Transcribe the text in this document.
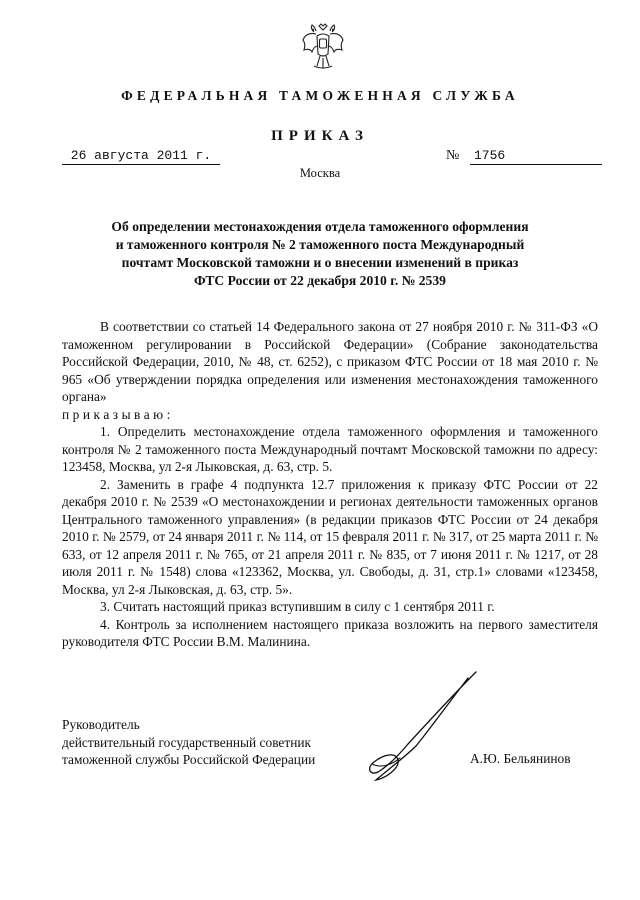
ФЕДЕРАЛЬНАЯ ТАМОЖЕННАЯ СЛУЖБА
ПРИКАЗ
26 августа 2011 г.	№	1756
Москва
Об определении местонахождения отдела таможенного оформления
и таможенного контроля № 2 таможенного поста Международный
почтамт Московской таможни и о внесении изменений в приказ
ФТС России от 22 декабря 2010 г. № 2539

В соответствии со статьей 14 Федерального закона от 27 ноября 2010 г. № 311-ФЗ «О таможенном регулировании в Российской Федерации» (Собрание законодательства Российской Федерации, 2010, № 48, ст. 6252), с приказом ФТС России от 18 мая 2010 г. № 965 «Об утверждении порядка определения или изменения местонахождения таможенного органа»

приказываю:

1. Определить местонахождение отдела таможенного оформления и таможенного контроля № 2 таможенного поста Международный почтамт Московской таможни по адресу: 123458, Москва, ул 2-я Лыковская, д. 63, стр. 5.

2. Заменить в графе 4 подпункта 12.7 приложения к приказу ФТС России от 22 декабря 2010 г. № 2539 «О местонахождении и регионах деятельности таможенных органов Центрального таможенного управления» (в редакции приказов ФТС России от 24 декабря 2010 г. № 2579, от 24 января 2011 г. № 114, от 15 февраля 2011 г. № 317, от 25 марта 2011 г. № 633, от 12 апреля 2011 г. № 765, от 21 апреля 2011 г. № 835, от 7 июня 2011 г. № 1217, от 28 июля 2011 г. № 1548) слова «123362, Москва, ул. Свободы, д. 31, стр.1» словами «123458, Москва, ул 2-я Лыковская, д. 63, стр. 5».

3. Считать настоящий приказ вступившим в силу с 1 сентября 2011 г.

4. Контроль за исполнением настоящего приказа возложить на первого заместителя руководителя ФТС России В.М. Малинина.

Руководитель
действительный государственный советник
таможенной службы Российской Федерации	А.Ю. Бельянинов
